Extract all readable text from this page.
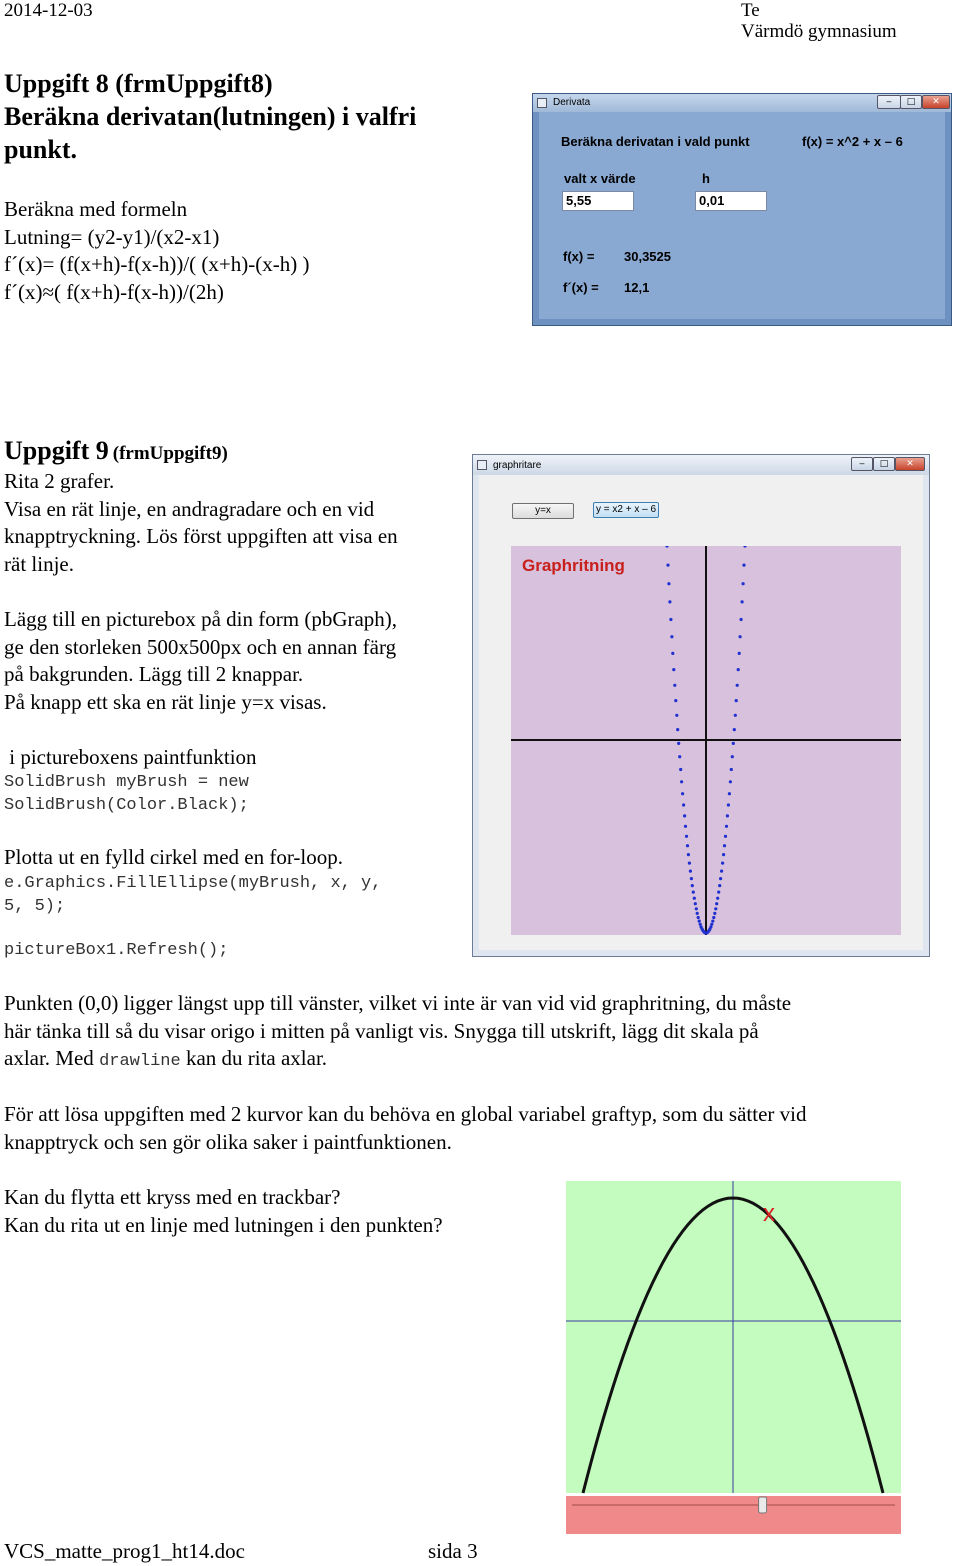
2014-12-03	Te
Värmdö gymnasium
Uppgift 8 (frmUppgift8)
Beräkna derivatan(lutningen) i valfri
punkt.
Beräkna med formeln
Lutning= (y2-y1)/(x2-x1)
f´(x)= (f(x+h)-f(x-h))/( (x+h)-(x-h) )
f´(x)≈( f(x+h)-f(x-h))/(2h)
Derivata	‒	□	✕
Beräkna derivatan i vald punkt	f(x) = x^2 + x – 6
valt x värde	h
5,55	0,01
f(x) = 30,3525
f´(x) = 12,1
Uppgift 9 (frmUppgift9)
Rita 2 grafer.
Visa en rät linje, en andragradare och en vid
knapptryckning. Lös först uppgiften att visa en
rät linje.
Lägg till en picturebox på din form (pbGraph),
ge den storleken 500x500px och en annan färg
på bakgrunden. Lägg till 2 knappar.
På knapp ett ska en rät linje y=x visas.
i pictureboxens paintfunktion
SolidBrush myBrush = new
SolidBrush(Color.Black);
Plotta ut en fylld cirkel med en for-loop.
e.Graphics.FillEllipse(myBrush, x, y,
5, 5);
pictureBox1.Refresh();
graphritare	‒	□	✕
y=x	y = x2 + x – 6
Graphritning
Punkten (0,0) ligger längst upp till vänster, vilket vi inte är van vid vid graphritning, du måste
här tänka till så du visar origo i mitten på vanligt vis. Snygga till utskrift, lägg dit skala på
axlar. Med drawline kan du rita axlar.
För att lösa uppgiften med 2 kurvor kan du behöva en global variabel graftyp, som du sätter vid
knapptryck och sen gör olika saker i paintfunktionen.
Kan du flytta ett kryss med en trackbar?
Kan du rita ut en linje med lutningen i den punkten?	x
VCS_matte_prog1_ht14.doc	sida 3
